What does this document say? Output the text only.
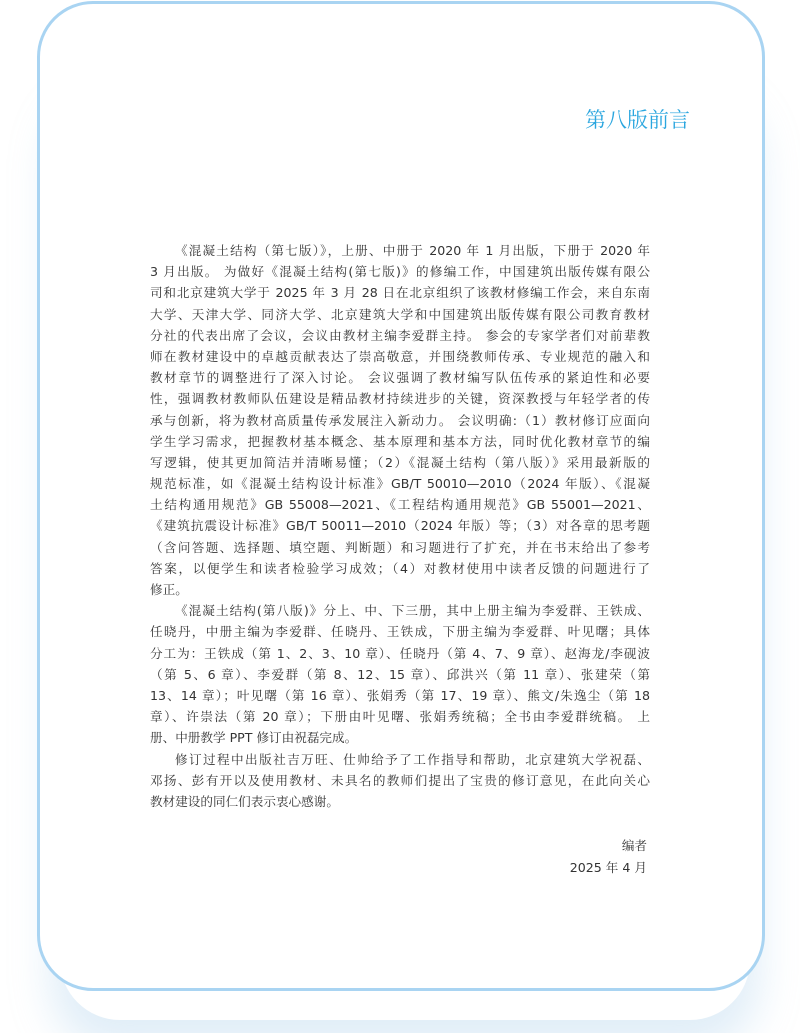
第八版前言
《混凝土结构（第七版）》，上册、中册于 2020 年 1 月出版，下册于 2020 年
3 月出版。 为做好《混凝土结构(第七版)》的修编工作，中国建筑出版传媒有限公
司和北京建筑大学于 2025 年 3 月 28 日在北京组织了该教材修编工作会，来自东南
大学、天津大学、同济大学、北京建筑大学和中国建筑出版传媒有限公司教育教材
分社的代表出席了会议，会议由教材主编李爱群主持。 参会的专家学者们对前辈教
师在教材建设中的卓越贡献表达了崇高敬意，并围绕教师传承、专业规范的融入和
教材章节的调整进行了深入讨论。 会议强调了教材编写队伍传承的紧迫性和必要
性，强调教材教师队伍建设是精品教材持续进步的关键，资深教授与年轻学者的传
承与创新，将为教材高质量传承发展注入新动力。 会议明确:（1）教材修订应面向
学生学习需求，把握教材基本概念、基本原理和基本方法，同时优化教材章节的编
写逻辑，使其更加简洁并清晰易懂；（2）《混凝土结构（第八版）》采用最新版的
规范标准，如《混凝土结构设计标准》GB/T 50010—2010（2024 年版）、《混凝
土结构通用规范》GB 55008—2021、《工程结构通用规范》GB 55001—2021、
《建筑抗震设计标准》GB/T 50011—2010（2024 年版）等；（3）对各章的思考题
（含问答题、选择题、填空题、判断题）和习题进行了扩充，并在书末给出了参考
答案，以便学生和读者检验学习成效；（4）对教材使用中读者反馈的问题进行了
修正。
《混凝土结构(第八版)》分上、中、下三册，其中上册主编为李爱群、王铁成、
任晓丹，中册主编为李爱群、任晓丹、王铁成，下册主编为李爱群、叶见曙；具体
分工为：王铁成（第 1、2、3、10 章）、任晓丹（第 4、7、9 章）、赵海龙/李砚波
（第 5、6 章）、李爱群（第 8、12、15 章）、邱洪兴（第 11 章）、张建荣（第
13、14 章）；叶见曙（第 16 章）、张娟秀（第 17、19 章）、熊文/朱逸尘（第 18
章）、许崇法（第 20 章）；下册由叶见曙、张娟秀统稿；全书由李爱群统稿。 上
册、中册教学 PPT 修订由祝磊完成。
修订过程中出版社吉万旺、仕帅给予了工作指导和帮助，北京建筑大学祝磊、
邓扬、彭有开以及使用教材、未具名的教师们提出了宝贵的修订意见，在此向关心
教材建设的同仁们表示衷心感谢。
编者
2025 年 4 月
